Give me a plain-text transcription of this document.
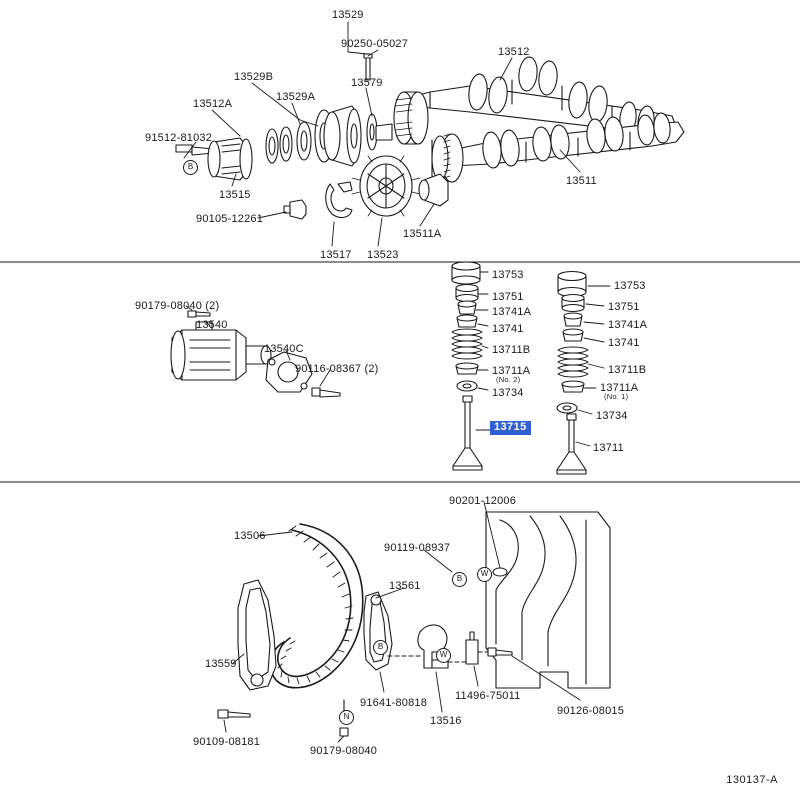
13529
90250-05027
13512
13529B	13579
13529A
13512A
91512-81032
13511
13515
90105-12261
13511A
13517 13523
13753
13753
13751
90179-08040 (2)	13751
13741A
13540	13741A
13741
13741
13540C	13711B
90116-08367 (2)	13711B
13711A
(No. 2)
13711A
13734	(No. 1)
13734
13715
13711
90201-12006
13506
90119-08937
13561
13559
91641-80818
11496-75011
90126-08015
13516
90109-08181
90179-08040
B
B
W
B
W
N
130137-A
